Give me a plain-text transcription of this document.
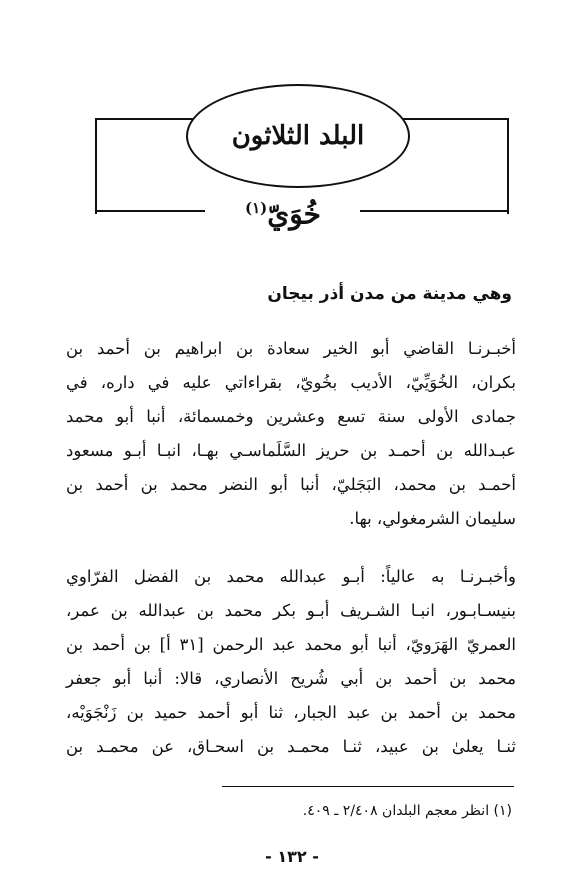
البلد الثلاثون
خُوَيّ$^{(١)}$
وهي مدينة من مدن أذر بيجان
أخبـرنـا القاضي أبو الخير سعادة بن ابراهيم بن أحمد بن
بكران، الخُوَيِّيّ، الأديب بخُويّ، بقراءاتي عليه في داره، في
جمادى الأولى سنة تسع وعشرين وخمسمائة، أنبا أبو محمد
عبـدالله بن أحمـد بن حريز السَّلَماسـي بهـا، انبـا أبـو مسعود
أحمـد بن محمد، البَجَليّ، أنبا أبو النضر محمد بن أحمد بن
سليمان الشرمغولي، بها.
وأخبـرنـا به عالياً: أبـو عبدالله محمد بن الفضل الفرّاوي
بنيسـابـور، انبـا الشـريف أبـو بكر محمد بن عبدالله بن عمر،
العمريّ الهَرَويّ، أنبا أبو محمد عبد الرحمن [٣١ أ] بن أحمد بن
محمد بن أحمد بن أبي شُريح الأنصاري، قالا: أنبا أبو جعفر
محمد بن أحمد بن عبد الجبار، ثنا أبو أحمد حميد بن زَنْجَوَيْه،
ثنـا يعلىٰ بن عبيد، ثنـا محمـد بن اسحـاق، عن محمـد بن
(١) انظر معجم البلدان ٢/٤٠٨ ـ ٤٠٩.
- ١٣٢ -
